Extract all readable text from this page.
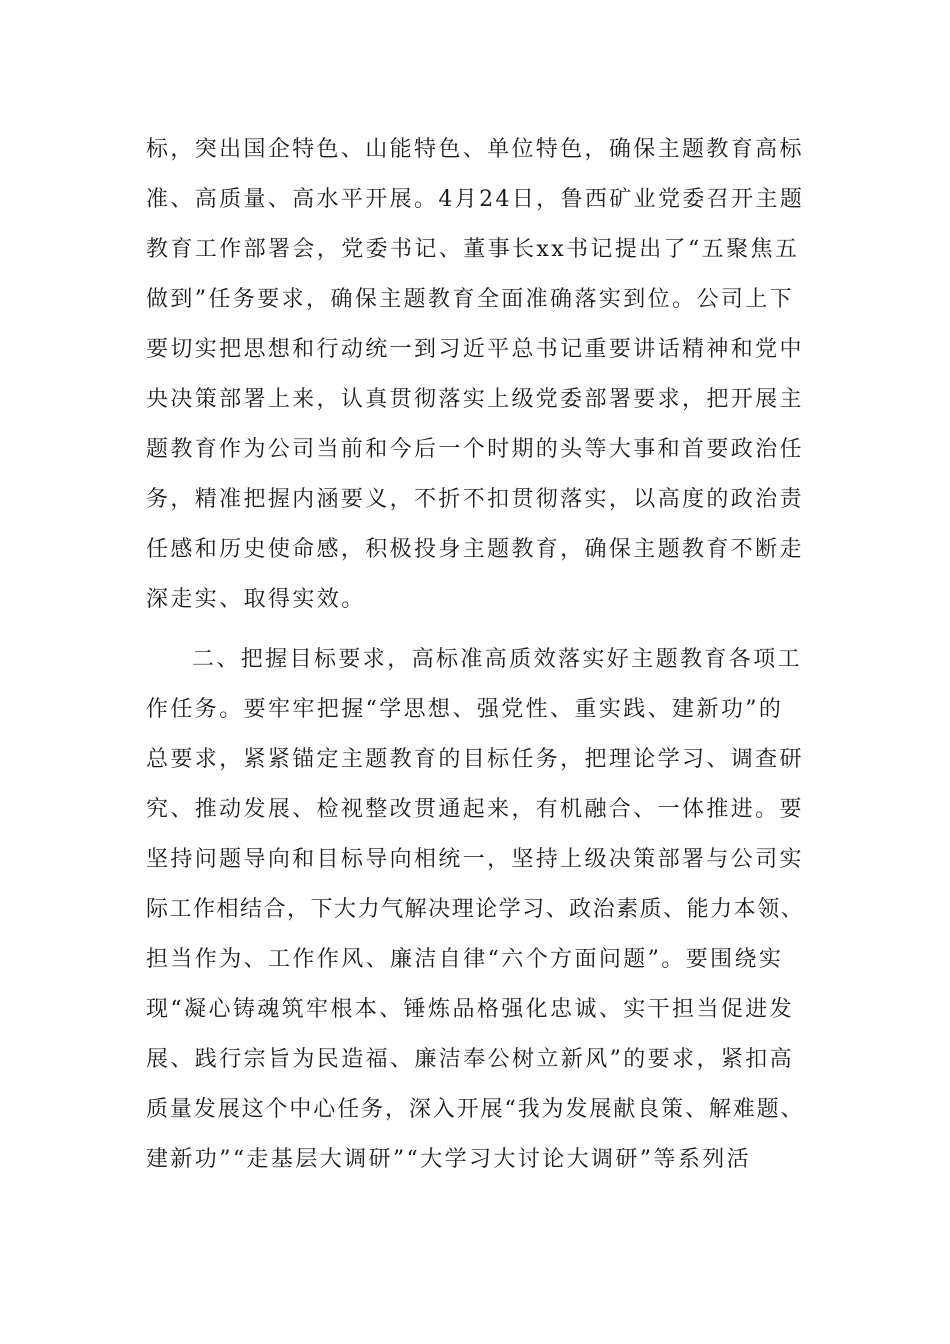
标，突出国企特色、山能特色、单位特色，确保主题教育高标
准、高质量、高水平开展。4月24日，鲁西矿业党委召开主题
教育工作部署会，党委书记、董事长xx书记提出了“五聚焦五
做到”任务要求，确保主题教育全面准确落实到位。公司上下
要切实把思想和行动统一到习近平总书记重要讲话精神和党中
央决策部署上来，认真贯彻落实上级党委部署要求，把开展主
题教育作为公司当前和今后一个时期的头等大事和首要政治任
务，精准把握内涵要义，不折不扣贯彻落实，以高度的政治责
任感和历史使命感，积极投身主题教育，确保主题教育不断走
深走实、取得实效。
二、把握目标要求，高标准高质效落实好主题教育各项工
作任务。要牢牢把握“学思想、强党性、重实践、建新功”的
总要求，紧紧锚定主题教育的目标任务，把理论学习、调查研
究、推动发展、检视整改贯通起来，有机融合、一体推进。要
坚持问题导向和目标导向相统一，坚持上级决策部署与公司实
际工作相结合，下大力气解决理论学习、政治素质、能力本领、
担当作为、工作作风、廉洁自律“六个方面问题”。要围绕实
现“凝心铸魂筑牢根本、锤炼品格强化忠诚、实干担当促进发
展、践行宗旨为民造福、廉洁奉公树立新风”的要求，紧扣高
质量发展这个中心任务，深入开展“我为发展献良策、解难题、
建新功”“走基层大调研”“大学习大讨论大调研”等系列活
